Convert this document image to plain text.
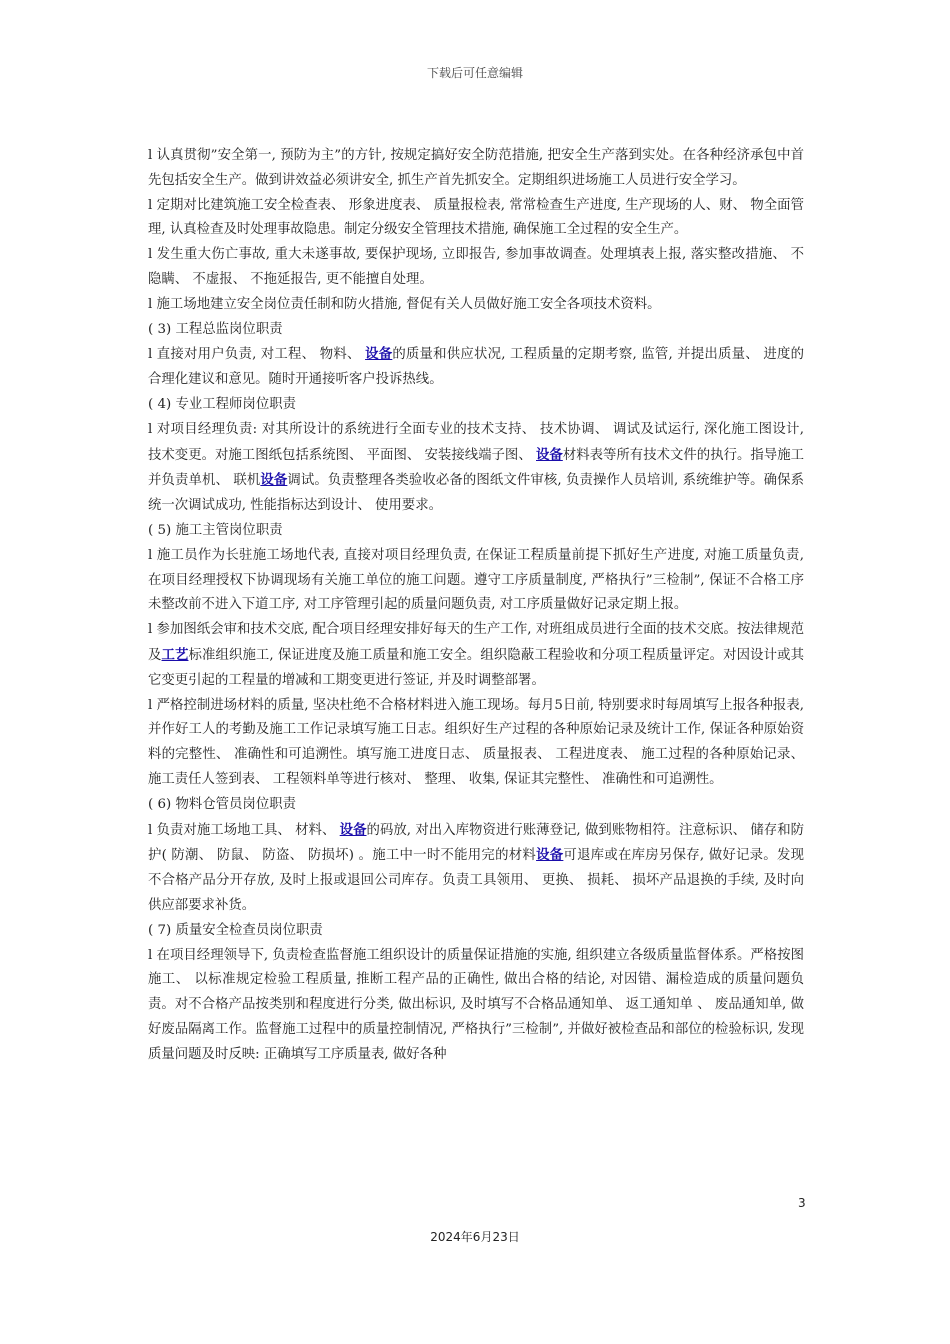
下载后可任意编辑

l 认真贯彻”安全第一, 预防为主”的方针, 按规定搞好安全防范措施, 把安全生产落到实处。在各种经济承包中首先包括安全生产。做到讲效益必须讲安全, 抓生产首先抓安全。定期组织进场施工人员进行安全学习。

l 定期对比建筑施工安全检查表、 形象进度表、 质量报检表, 常常检查生产进度, 生产现场的人、财、 物全面管理, 认真检查及时处理事故隐患。制定分级安全管理技术措施, 确保施工全过程的安全生产。

l 发生重大伤亡事故, 重大未遂事故, 要保护现场, 立即报告, 参加事故调查。处理填表上报, 落实整改措施、 不隐瞒、 不虚报、 不拖延报告, 更不能擅自处理。

l 施工场地建立安全岗位责任制和防火措施, 督促有关人员做好施工安全各项技术资料。

( 3) 工程总监岗位职责

l 直接对用户负责, 对工程、 物料、 设备的质量和供应状况, 工程质量的定期考察, 监管, 并提出质量、 进度的合理化建议和意见。随时开通接听客户投诉热线。

( 4) 专业工程师岗位职责

l 对项目经理负责: 对其所设计的系统进行全面专业的技术支持、 技术协调、 调试及试运行, 深化施工图设计, 技术变更。对施工图纸包括系统图、 平面图、 安装接线端子图、 设备材料表等所有技术文件的执行。指导施工并负责单机、 联机设备调试。负责整理各类验收必备的图纸文件审核, 负责操作人员培训, 系统维护等。确保系统一次调试成功, 性能指标达到设计、 使用要求。

( 5) 施工主管岗位职责

l 施工员作为长驻施工场地代表, 直接对项目经理负责, 在保证工程质量前提下抓好生产进度, 对施工质量负责, 在项目经理授权下协调现场有关施工单位的施工问题。遵守工序质量制度, 严格执行”三检制”, 保证不合格工序未整改前不进入下道工序, 对工序管理引起的质量问题负责, 对工序质量做好记录定期上报。

l 参加图纸会审和技术交底, 配合项目经理安排好每天的生产工作, 对班组成员进行全面的技术交底。按法律规范及工艺标准组织施工, 保证进度及施工质量和施工安全。组织隐蔽工程验收和分项工程质量评定。对因设计或其它变更引起的工程量的增减和工期变更进行签证, 并及时调整部署。

l 严格控制进场材料的质量, 坚决杜绝不合格材料进入施工现场。每月5日前, 特别要求时每周填写上报各种报表, 并作好工人的考勤及施工工作记录填写施工日志。组织好生产过程的各种原始记录及统计工作, 保证各种原始资料的完整性、 准确性和可追溯性。填写施工进度日志、 质量报表、 工程进度表、 施工过程的各种原始记录、 施工责任人签到表、 工程领料单等进行核对、 整理、 收集, 保证其完整性、 准确性和可追溯性。

( 6) 物料仓管员岗位职责

l 负责对施工场地工具、 材料、 设备的码放, 对出入库物资进行账薄登记, 做到账物相符。注意标识、 储存和防护( 防潮、 防鼠、 防盗、 防损坏) 。施工中一时不能用完的材料设备可退库或在库房另保存, 做好记录。发现不合格产品分开存放, 及时上报或退回公司库存。负责工具领用、 更换、 损耗、 损坏产品退换的手续, 及时向供应部要求补货。

( 7) 质量安全检查员岗位职责

l 在项目经理领导下, 负责检查监督施工组织设计的质量保证措施的实施, 组织建立各级质量监督体系。严格按图施工、 以标准规定检验工程质量, 推断工程产品的正确性, 做出合格的结论, 对因错、漏检造成的质量问题负责。对不合格产品按类别和程度进行分类, 做出标识, 及时填写不合格品通知单、 返工通知单 、 废品通知单, 做好废品隔离工作。监督施工过程中的质量控制情况, 严格执行”三检制”, 并做好被检查品和部位的检验标识, 发现质量问题及时反映: 正确填写工序质量表, 做好各种

3
2024年6月23日
